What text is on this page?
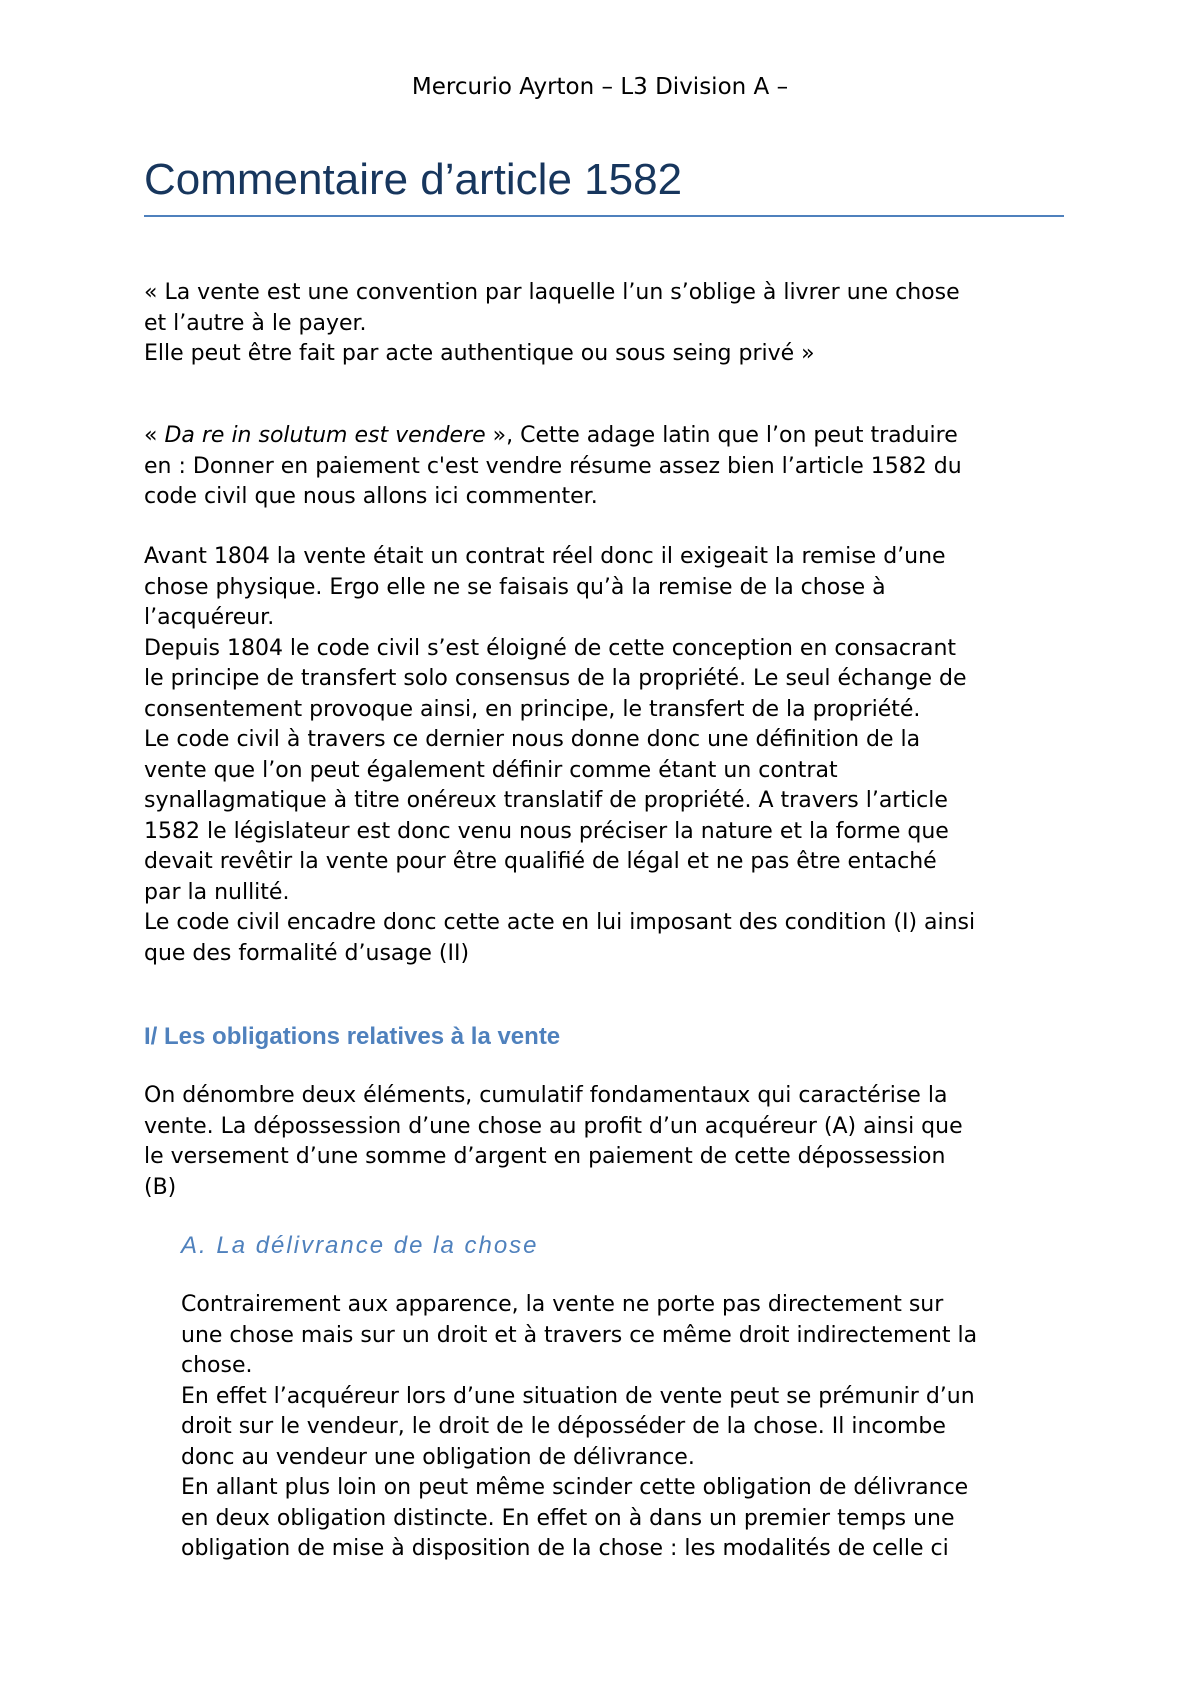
Mercurio Ayrton – L3 Division A –
Commentaire d’article 1582

« La vente est une convention par laquelle l’un s’oblige à livrer une chose
et l’autre à le payer.
Elle peut être fait par acte authentique ou sous seing privé »

« Da re in solutum est vendere », Cette adage latin que l’on peut traduire
en : Donner en paiement c'est vendre résume assez bien l’article 1582 du
code civil que nous allons ici commenter.

Avant 1804 la vente était un contrat réel donc il exigeait la remise d’une
chose physique. Ergo elle ne se faisais qu’à la remise de la chose à
l’acquéreur.
Depuis 1804 le code civil s’est éloigné de cette conception en consacrant
le principe de transfert solo consensus de la propriété. Le seul échange de
consentement provoque ainsi, en principe, le transfert de la propriété.
Le code civil à travers ce dernier nous donne donc une définition de la
vente que l’on peut également définir comme étant un contrat
synallagmatique à titre onéreux translatif de propriété. A travers l’article
1582 le législateur est donc venu nous préciser la nature et la forme que
devait revêtir la vente pour être qualifié de légal et ne pas être entaché
par la nullité.
Le code civil encadre donc cette acte en lui imposant des condition (I) ainsi
que des formalité d’usage (II)

I/ Les obligations relatives à la vente

On dénombre deux éléments, cumulatif fondamentaux qui caractérise la
vente. La dépossession d’une chose au profit d’un acquéreur (A) ainsi que
le versement d’une somme d’argent en paiement de cette dépossession
(B)

A. La délivrance de la chose

Contrairement aux apparence, la vente ne porte pas directement sur
une chose mais sur un droit et à travers ce même droit indirectement la
chose.
En effet l’acquéreur lors d’une situation de vente peut se prémunir d’un
droit sur le vendeur, le droit de le déposséder de la chose. Il incombe
donc au vendeur une obligation de délivrance.
En allant plus loin on peut même scinder cette obligation de délivrance
en deux obligation distincte. En effet on à dans un premier temps une
obligation de mise à disposition de la chose : les modalités de celle ci
